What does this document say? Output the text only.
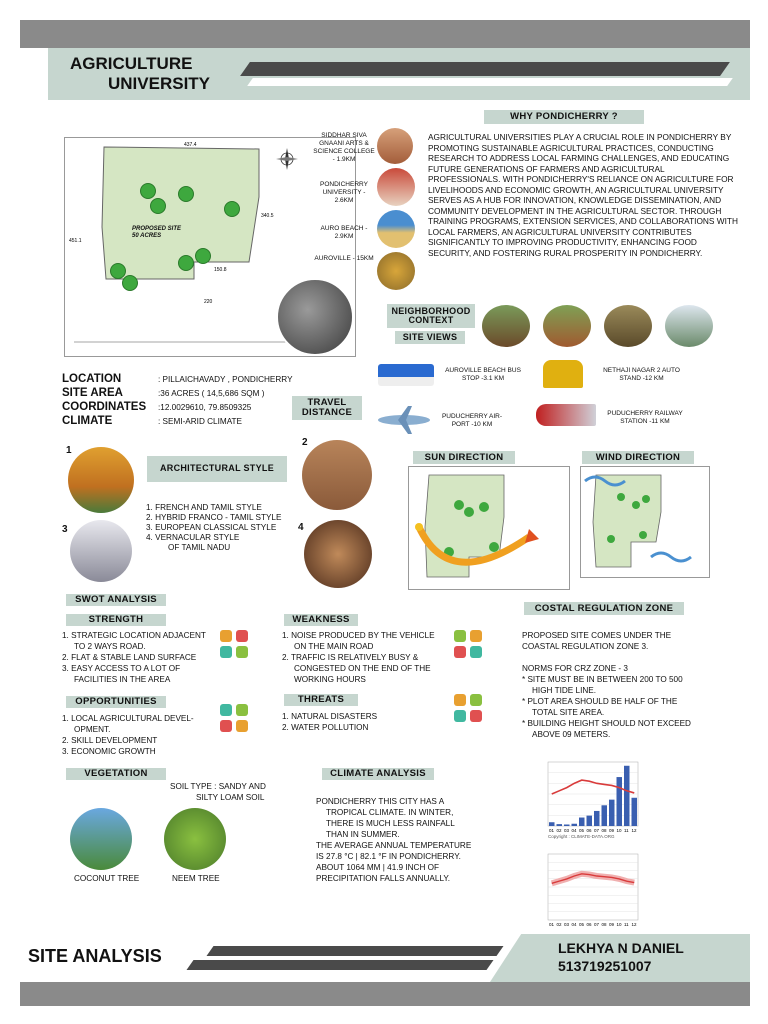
AGRICULTURE
UNIVERSITY
437.4
340.5
150.8
220
451.1
PROPOSED SITE
50 ACRES
SIDDHAR SIVA GNAANI ARTS & SCIENCE COLLEGE - 1.9KM
PONDICHERRY UNIVERSITY - 2.6KM
AURO BEACH - 2.9KM
AUROVILLE - 15KM
WHY PONDICHERRY ?
AGRICULTURAL UNIVERSITIES PLAY A CRUCIAL ROLE IN PONDICHERRY BY PROMOTING SUSTAINABLE AGRICULTURAL PRACTICES, CONDUCTING RESEARCH TO ADDRESS LOCAL FARMING CHALLENGES, AND EDUCATING FUTURE GENERATIONS OF FARMERS AND AGRICULTURAL PROFESSIONALS. WITH PONDICHERRY'S RELIANCE ON AGRICULTURE FOR LIVELIHOODS AND ECONOMIC GROWTH, AN AGRICULTURAL UNIVERSITY SERVES AS A HUB FOR INNOVATION, KNOWLEDGE DISSEMINATION, AND COMMUNITY DEVELOPMENT IN THE AGRICULTURAL SECTOR. THROUGH TRAINING PROGRAMS, EXTENSION SERVICES, AND COLLABORATIONS WITH LOCAL FARMERS, AN AGRICULTURAL UNIVERSITY CONTRIBUTES SIGNIFICANTLY TO IMPROVING PRODUCTIVITY, ENHANCING FOOD SECURITY, AND FOSTERING RURAL PROSPERITY IN PONDICHERRY.
NEIGHBORHOOD CONTEXT
SITE VIEWS
LOCATION	: PILLAICHAVADY , PONDICHERRY
SITE AREA	:36 ACRES ( 14,5,686 SQM )
COORDINATES :12.0029610, 79.8509325
CLIMATE	: SEMI-ARID CLIMATE
TRAVEL DISTANCE
AUROVILLE BEACH BUS STOP -3.1 KM
NETHAJI NAGAR 2 AUTO STAND -12 KM
PUDUCHERRY AIR-PORT -10 KM
PUDUCHERRY RAILWAY STATION -11 KM
1
2
3	4
ARCHITECTURAL STYLE
1. FRENCH AND TAMIL STYLE
2. HYBRID FRANCO - TAMIL STYLE
3. EUROPEAN CLASSICAL STYLE
4. VERNACULAR STYLE
OF TAMIL NADU
SUN DIRECTION	WIND DIRECTION
SWOT ANALYSIS
STRENGTH
1. STRATEGIC LOCATION ADJACENT
TO 2 WAYS ROAD.
2. FLAT & STABLE LAND SURFACE
3. EASY ACCESS TO A LOT OF
FACILITIES IN THE AREA
WEAKNESS
1. NOISE PRODUCED BY THE VEHICLE
ON THE MAIN ROAD
2. TRAFFIC IS RELATIVELY BUSY &
CONGESTED ON THE END OF THE
WORKING HOURS
OPPORTUNITIES
1. LOCAL AGRICULTURAL DEVEL-
OPMENT.
2. SKILL DEVELOPMENT
3. ECONOMIC GROWTH
THREATS
1. NATURAL DISASTERS
2. WATER POLLUTION
COSTAL REGULATION ZONE
PROPOSED SITE COMES UNDER THE
COASTAL REGULATION ZONE 3.
NORMS FOR CRZ ZONE - 3
* SITE MUST BE IN BETWEEN 200 TO 500
HIGH TIDE LINE.
* PLOT AREA SHOULD BE HALF OF THE
TOTAL SITE AREA.
* BUILDING HEIGHT SHOULD NOT EXCEED
ABOVE 09 METERS.
VEGETATION
SOIL TYPE : SANDY AND
SILTY LOAM SOIL
COCONUT TREE	NEEM TREE
CLIMATE ANALYSIS
PONDICHERRY THIS CITY HAS A
TROPICAL CLIMATE. IN WINTER,
THERE IS MUCH LESS RAINFALL
THAN IN SUMMER.
THE AVERAGE ANNUAL TEMPERATURE
IS 27.8 °C | 82.1 °F IN PONDICHERRY.
ABOUT 1064 MM | 41.9 INCH OF
PRECIPITATION FALLS ANNUALLY.
01 02 03 04 05 06 07 08 09 10 11 12
Copyright : CLIMATE-DATA.ORG
01 02 03 04 05 06 07 08 09 10 11 12
SITE ANALYSIS	LEKHYA N DANIEL
513719251007
